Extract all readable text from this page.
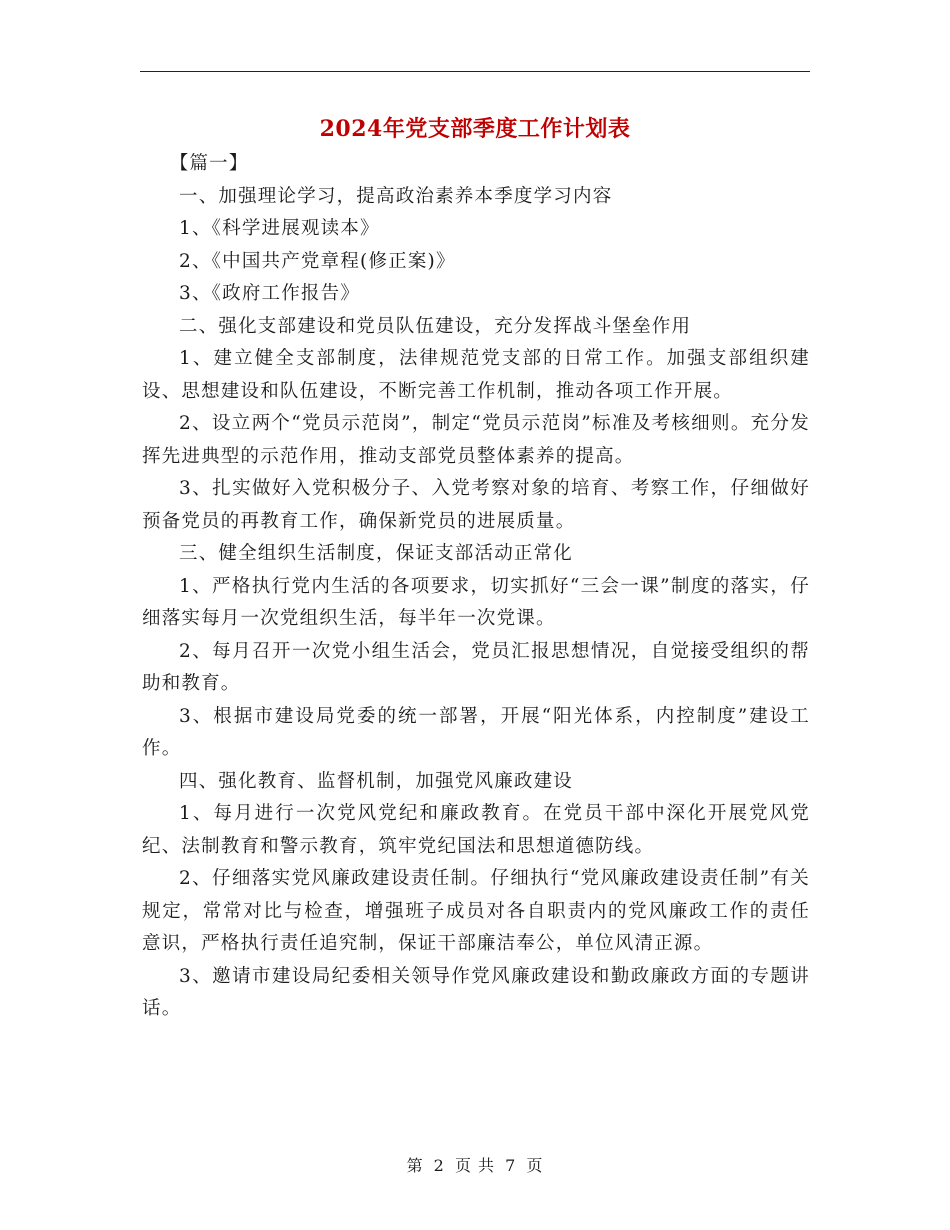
2024年党支部季度工作计划表

【篇一】

一、加强理论学习，提高政治素养本季度学习内容

1、《科学进展观读本》

2、《中国共产党章程(修正案)》

3、《政府工作报告》

二、强化支部建设和党员队伍建设，充分发挥战斗堡垒作用

1、建立健全支部制度，法律规范党支部的日常工作。加强支部组织建设、思想建设和队伍建设，不断完善工作机制，推动各项工作开展。

2、设立两个“党员示范岗”，制定“党员示范岗”标准及考核细则。充分发挥先进典型的示范作用，推动支部党员整体素养的提高。

3、扎实做好入党积极分子、入党考察对象的培育、考察工作，仔细做好预备党员的再教育工作，确保新党员的进展质量。

三、健全组织生活制度，保证支部活动正常化

1、严格执行党内生活的各项要求，切实抓好“三会一课”制度的落实，仔细落实每月一次党组织生活，每半年一次党课。

2、每月召开一次党小组生活会，党员汇报思想情况，自觉接受组织的帮助和教育。

3、根据市建设局党委的统一部署，开展“阳光体系，内控制度”建设工作。

四、强化教育、监督机制，加强党风廉政建设

1、每月进行一次党风党纪和廉政教育。在党员干部中深化开展党风党纪、法制教育和警示教育，筑牢党纪国法和思想道德防线。

2、仔细落实党风廉政建设责任制。仔细执行“党风廉政建设责任制”有关规定，常常对比与检查，增强班子成员对各自职责内的党风廉政工作的责任意识，严格执行责任追究制，保证干部廉洁奉公，单位风清正源。

3、邀请市建设局纪委相关领导作党风廉政建设和勤政廉政方面的专题讲话。

第 2 页 共 7 页
